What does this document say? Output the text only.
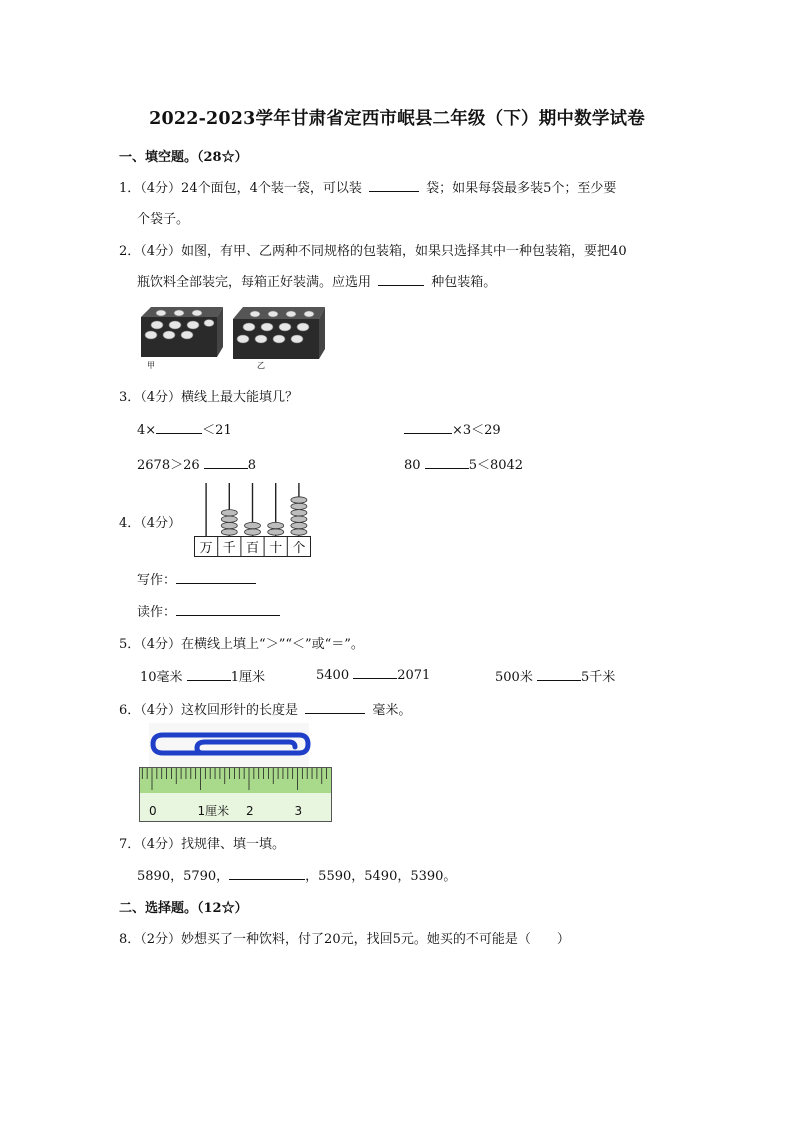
2022-2023学年甘肃省定西市岷县二年级（下）期中数学试卷
一、填空题。（28☆）
1．（4分）24个面包，4个装一袋，可以装	袋；如果每袋最多装5个；至少要
个袋子。
2．（4分）如图，有甲、乙两种不同规格的包装箱，如果只选择其中一种包装箱，要把40
瓶饮料全部装完，每箱正好装满。应选用	种包装箱。
甲	乙
3．（4分）横线上最大能填几？
4×	＜21	×3＜29
2678＞26	8	80	5＜8042
4．（4分）
万 千 百 十 个
写作：
读作：
5．（4分）在横线上填上“＞”“＜”或“＝”。
10毫米	1厘米	5400	2071	500米	5千米
6．（4分）这枚回形针的长度是	毫米。
0	1厘米 2	3
7．（4分）找规律、填一填。
5890，5790，	，5590，5490，5390。
二、选择题。（12☆）
8．（2分）妙想买了一种饮料，付了20元，找回5元。她买的不可能是（　　）
